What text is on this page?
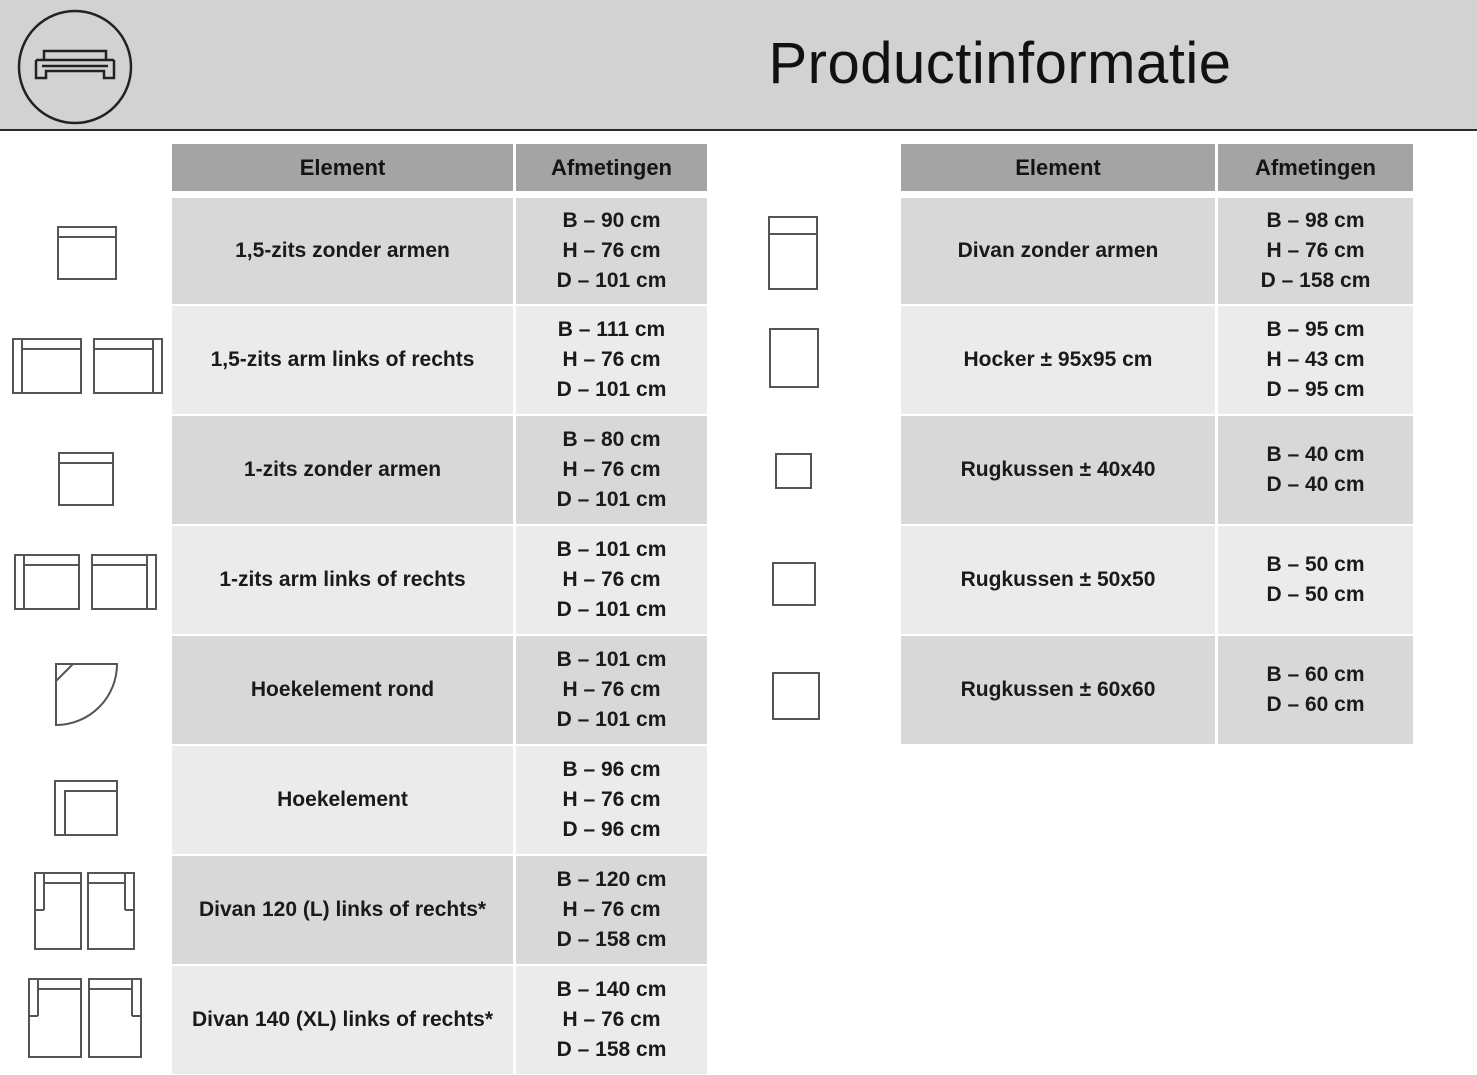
Productinformatie
Element	Afmetingen
1,5-zits zonder armen
B – 90 cm
H – 76 cm
D – 101 cm
1,5-zits arm links of rechts
B – 111 cm
H – 76 cm
D – 101 cm
1-zits zonder armen
B – 80 cm
H – 76 cm
D – 101 cm
1-zits arm links of rechts
B – 101 cm
H – 76 cm
D – 101 cm
Hoekelement rond
B – 101 cm
H – 76 cm
D – 101 cm
Hoekelement
B – 96 cm
H – 76 cm
D – 96 cm
Divan 120 (L) links of rechts*
B – 120 cm
H – 76 cm
D – 158 cm
Divan 140 (XL) links of rechts*
B – 140 cm
H – 76 cm
D – 158 cm
Element	Afmetingen
Divan zonder armen
B – 98 cm
H – 76 cm
D – 158 cm
Hocker ± 95x95 cm
B – 95 cm
H – 43 cm
D – 95 cm
Rugkussen ± 40x40
B – 40 cm
D – 40 cm
Rugkussen ± 50x50
B – 50 cm
D – 50 cm
Rugkussen ± 60x60
B – 60 cm
D – 60 cm
